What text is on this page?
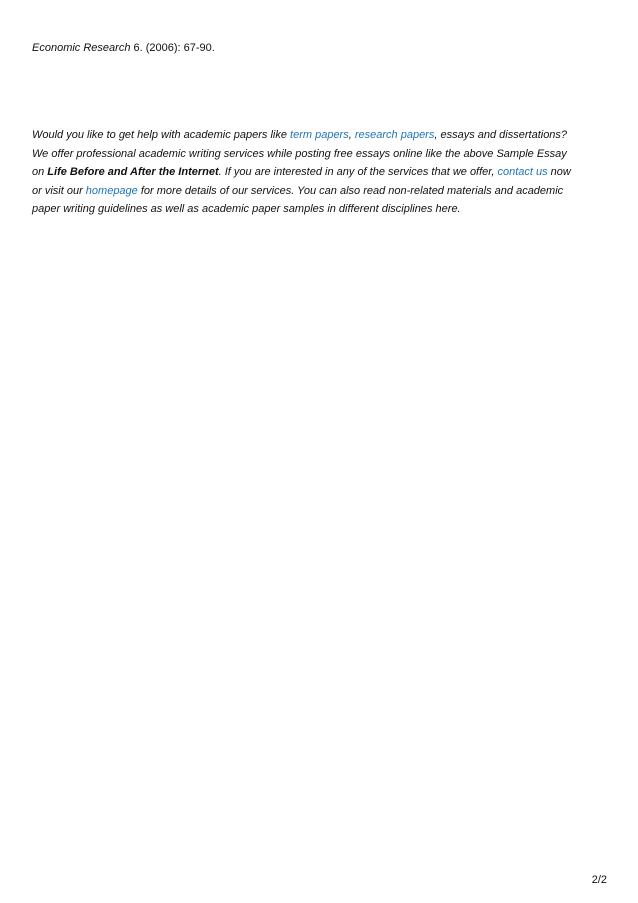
Economic Research 6. (2006): 67-90.
Would you like to get help with academic papers like term papers, research papers, essays and dissertations?
We offer professional academic writing services while posting free essays online like the above Sample Essay
on Life Before and After the Internet. If you are interested in any of the services that we offer, contact us now
or visit our homepage for more details of our services. You can also read non-related materials and academic
paper writing guidelines as well as academic paper samples in different disciplines here.
2/2
